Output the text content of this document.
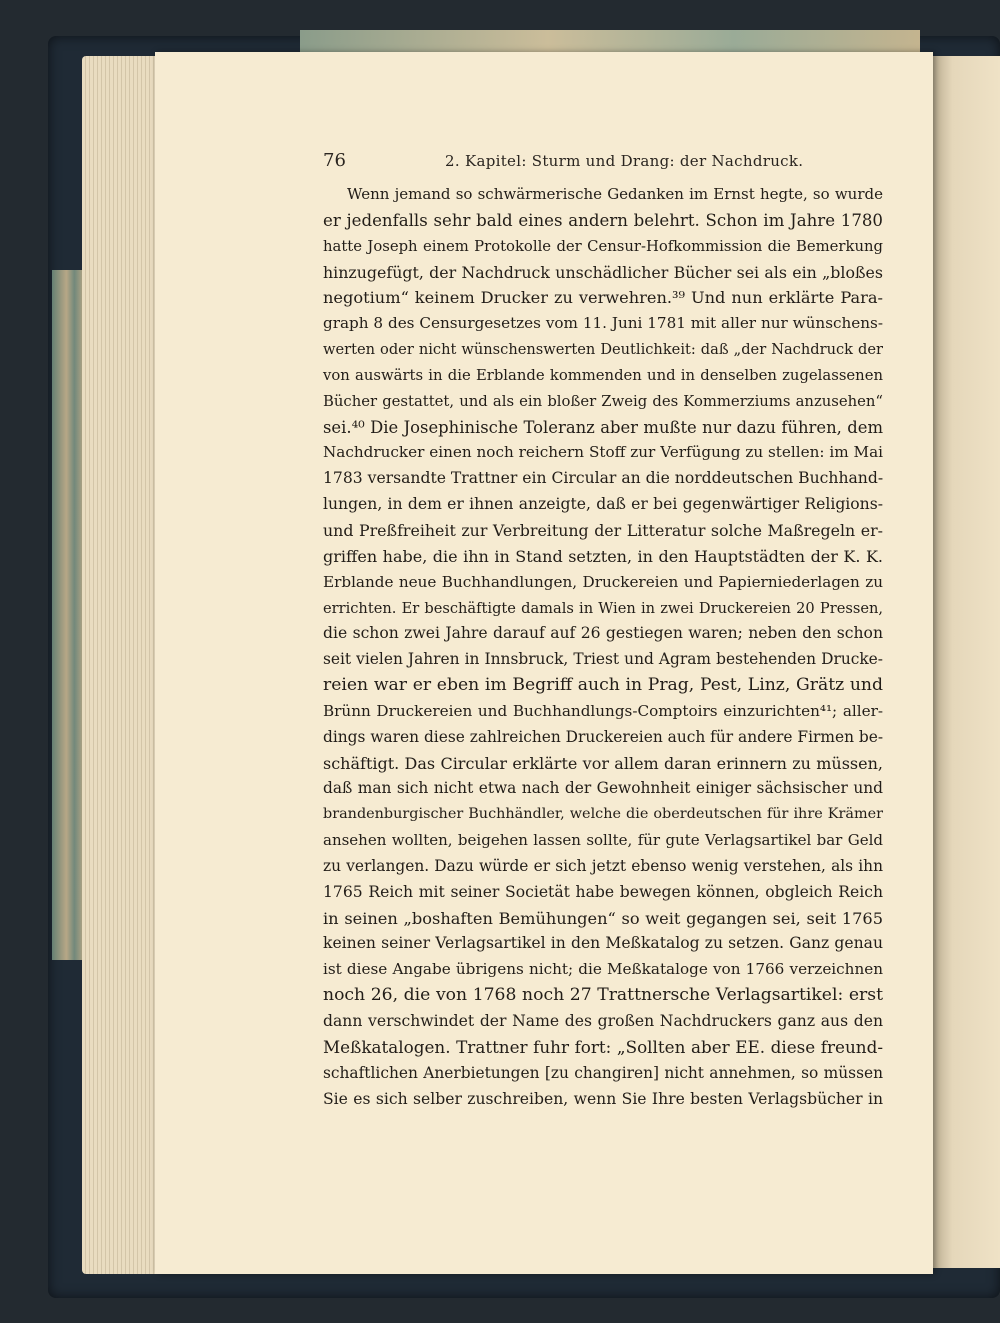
76	2. Kapitel: Sturm und Drang: der Nachdruck.
Wenn jemand so schwärmerische Gedanken im Ernst hegte, so wurde
er jedenfalls sehr bald eines andern belehrt. Schon im Jahre 1780
hatte Joseph einem Protokolle der Censur-Hofkommission die Bemerkung
hinzugefügt, der Nachdruck unschädlicher Bücher sei als ein „bloßes
negotium“ keinem Drucker zu verwehren.³⁹ Und nun erklärte Para-
graph 8 des Censurgesetzes vom 11. Juni 1781 mit aller nur wünschens-
werten oder nicht wünschenswerten Deutlichkeit: daß „der Nachdruck der
von auswärts in die Erblande kommenden und in denselben zugelassenen
Bücher gestattet, und als ein bloßer Zweig des Kommerziums anzusehen“
sei.⁴⁰ Die Josephinische Toleranz aber mußte nur dazu führen, dem
Nachdrucker einen noch reichern Stoff zur Verfügung zu stellen: im Mai
1783 versandte Trattner ein Circular an die norddeutschen Buchhand-
lungen, in dem er ihnen anzeigte, daß er bei gegenwärtiger Religions-
und Preßfreiheit zur Verbreitung der Litteratur solche Maßregeln er-
griffen habe, die ihn in Stand setzten, in den Hauptstädten der K. K.
Erblande neue Buchhandlungen, Druckereien und Papierniederlagen zu
errichten. Er beschäftigte damals in Wien in zwei Druckereien 20 Pressen,
die schon zwei Jahre darauf auf 26 gestiegen waren; neben den schon
seit vielen Jahren in Innsbruck, Triest und Agram bestehenden Drucke-
reien war er eben im Begriff auch in Prag, Pest, Linz, Grätz und
Brünn Druckereien und Buchhandlungs-Comptoirs einzurichten⁴¹; aller-
dings waren diese zahlreichen Druckereien auch für andere Firmen be-
schäftigt. Das Circular erklärte vor allem daran erinnern zu müssen,
daß man sich nicht etwa nach der Gewohnheit einiger sächsischer und
brandenburgischer Buchhändler, welche die oberdeutschen für ihre Krämer
ansehen wollten, beigehen lassen sollte, für gute Verlagsartikel bar Geld
zu verlangen. Dazu würde er sich jetzt ebenso wenig verstehen, als ihn
1765 Reich mit seiner Societät habe bewegen können, obgleich Reich
in seinen „boshaften Bemühungen“ so weit gegangen sei, seit 1765
keinen seiner Verlagsartikel in den Meßkatalog zu setzen. Ganz genau
ist diese Angabe übrigens nicht; die Meßkataloge von 1766 verzeichnen
noch 26, die von 1768 noch 27 Trattnersche Verlagsartikel: erst
dann verschwindet der Name des großen Nachdruckers ganz aus den
Meßkatalogen. Trattner fuhr fort: „Sollten aber EE. diese freund-
schaftlichen Anerbietungen [zu changiren] nicht annehmen, so müssen
Sie es sich selber zuschreiben, wenn Sie Ihre besten Verlagsbücher in
